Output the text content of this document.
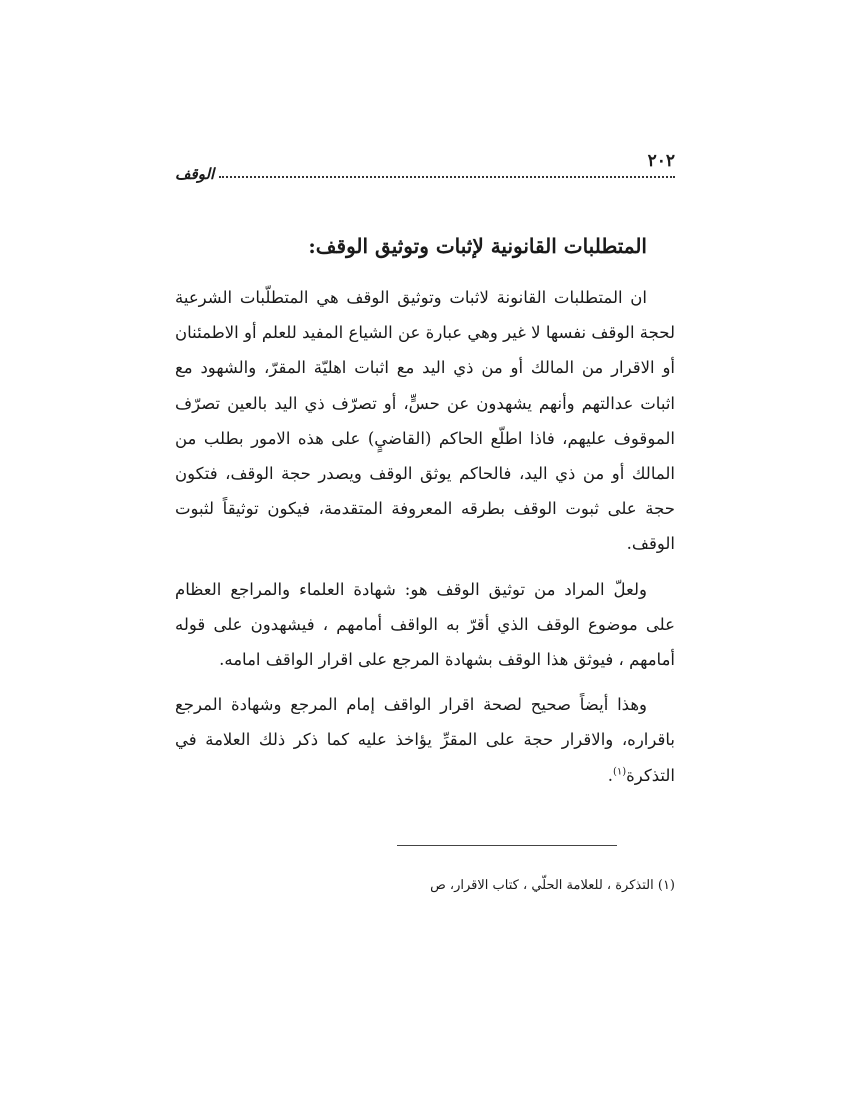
٢٠٢
الوقف
المتطلبات القانونية لإثبات وتوثيق الوقف:

ان المتطلبات القانونة لاثبات وتوثيق الوقف هي المتطلّبات الشرعية لحجة الوقف نفسها لا غير وهي عبارة عن الشياع المفيد للعلم أو الاطمئنان أو الاقرار من المالك أو من ذي اليد مع اثبات اهليّة المقرّ، والشهود مع اثبات عدالتهم وأنهم يشهدون عن حسٍّ، أو تصرّف ذي اليد بالعين تصرّف الموقوف عليهم، فاذا اطلّع الحاكم (القاضيٍ) على هذه الامور بطلب من المالك أو من ذي اليد، فالحاكم يوثق الوقف ويصدر حجة الوقف، فتكون حجة على ثبوت الوقف بطرقه المعروفة المتقدمة، فيكون توثيقاً لثبوت الوقف.

ولعلّ المراد من توثيق الوقف هو: شهادة العلماء والمراجع العظام على موضوع الوقف الذي أقرّ به الواقف أمامهم ، فيشهدون على قوله أمامهم ، فيوثق هذا الوقف بشهادة المرجع على اقرار الواقف امامه.

وهذا أيضاً صحيح لصحة اقرار الواقف إمام المرجع وشهادة المرجع باقراره، والاقرار حجة على المقرِّ يؤاخذ عليه كما ذكر ذلك العلامة في التذكرة$^{(١)}$.

(١) التذكرة ، للعلامة الحلّي ، كتاب الاقرار، ص
